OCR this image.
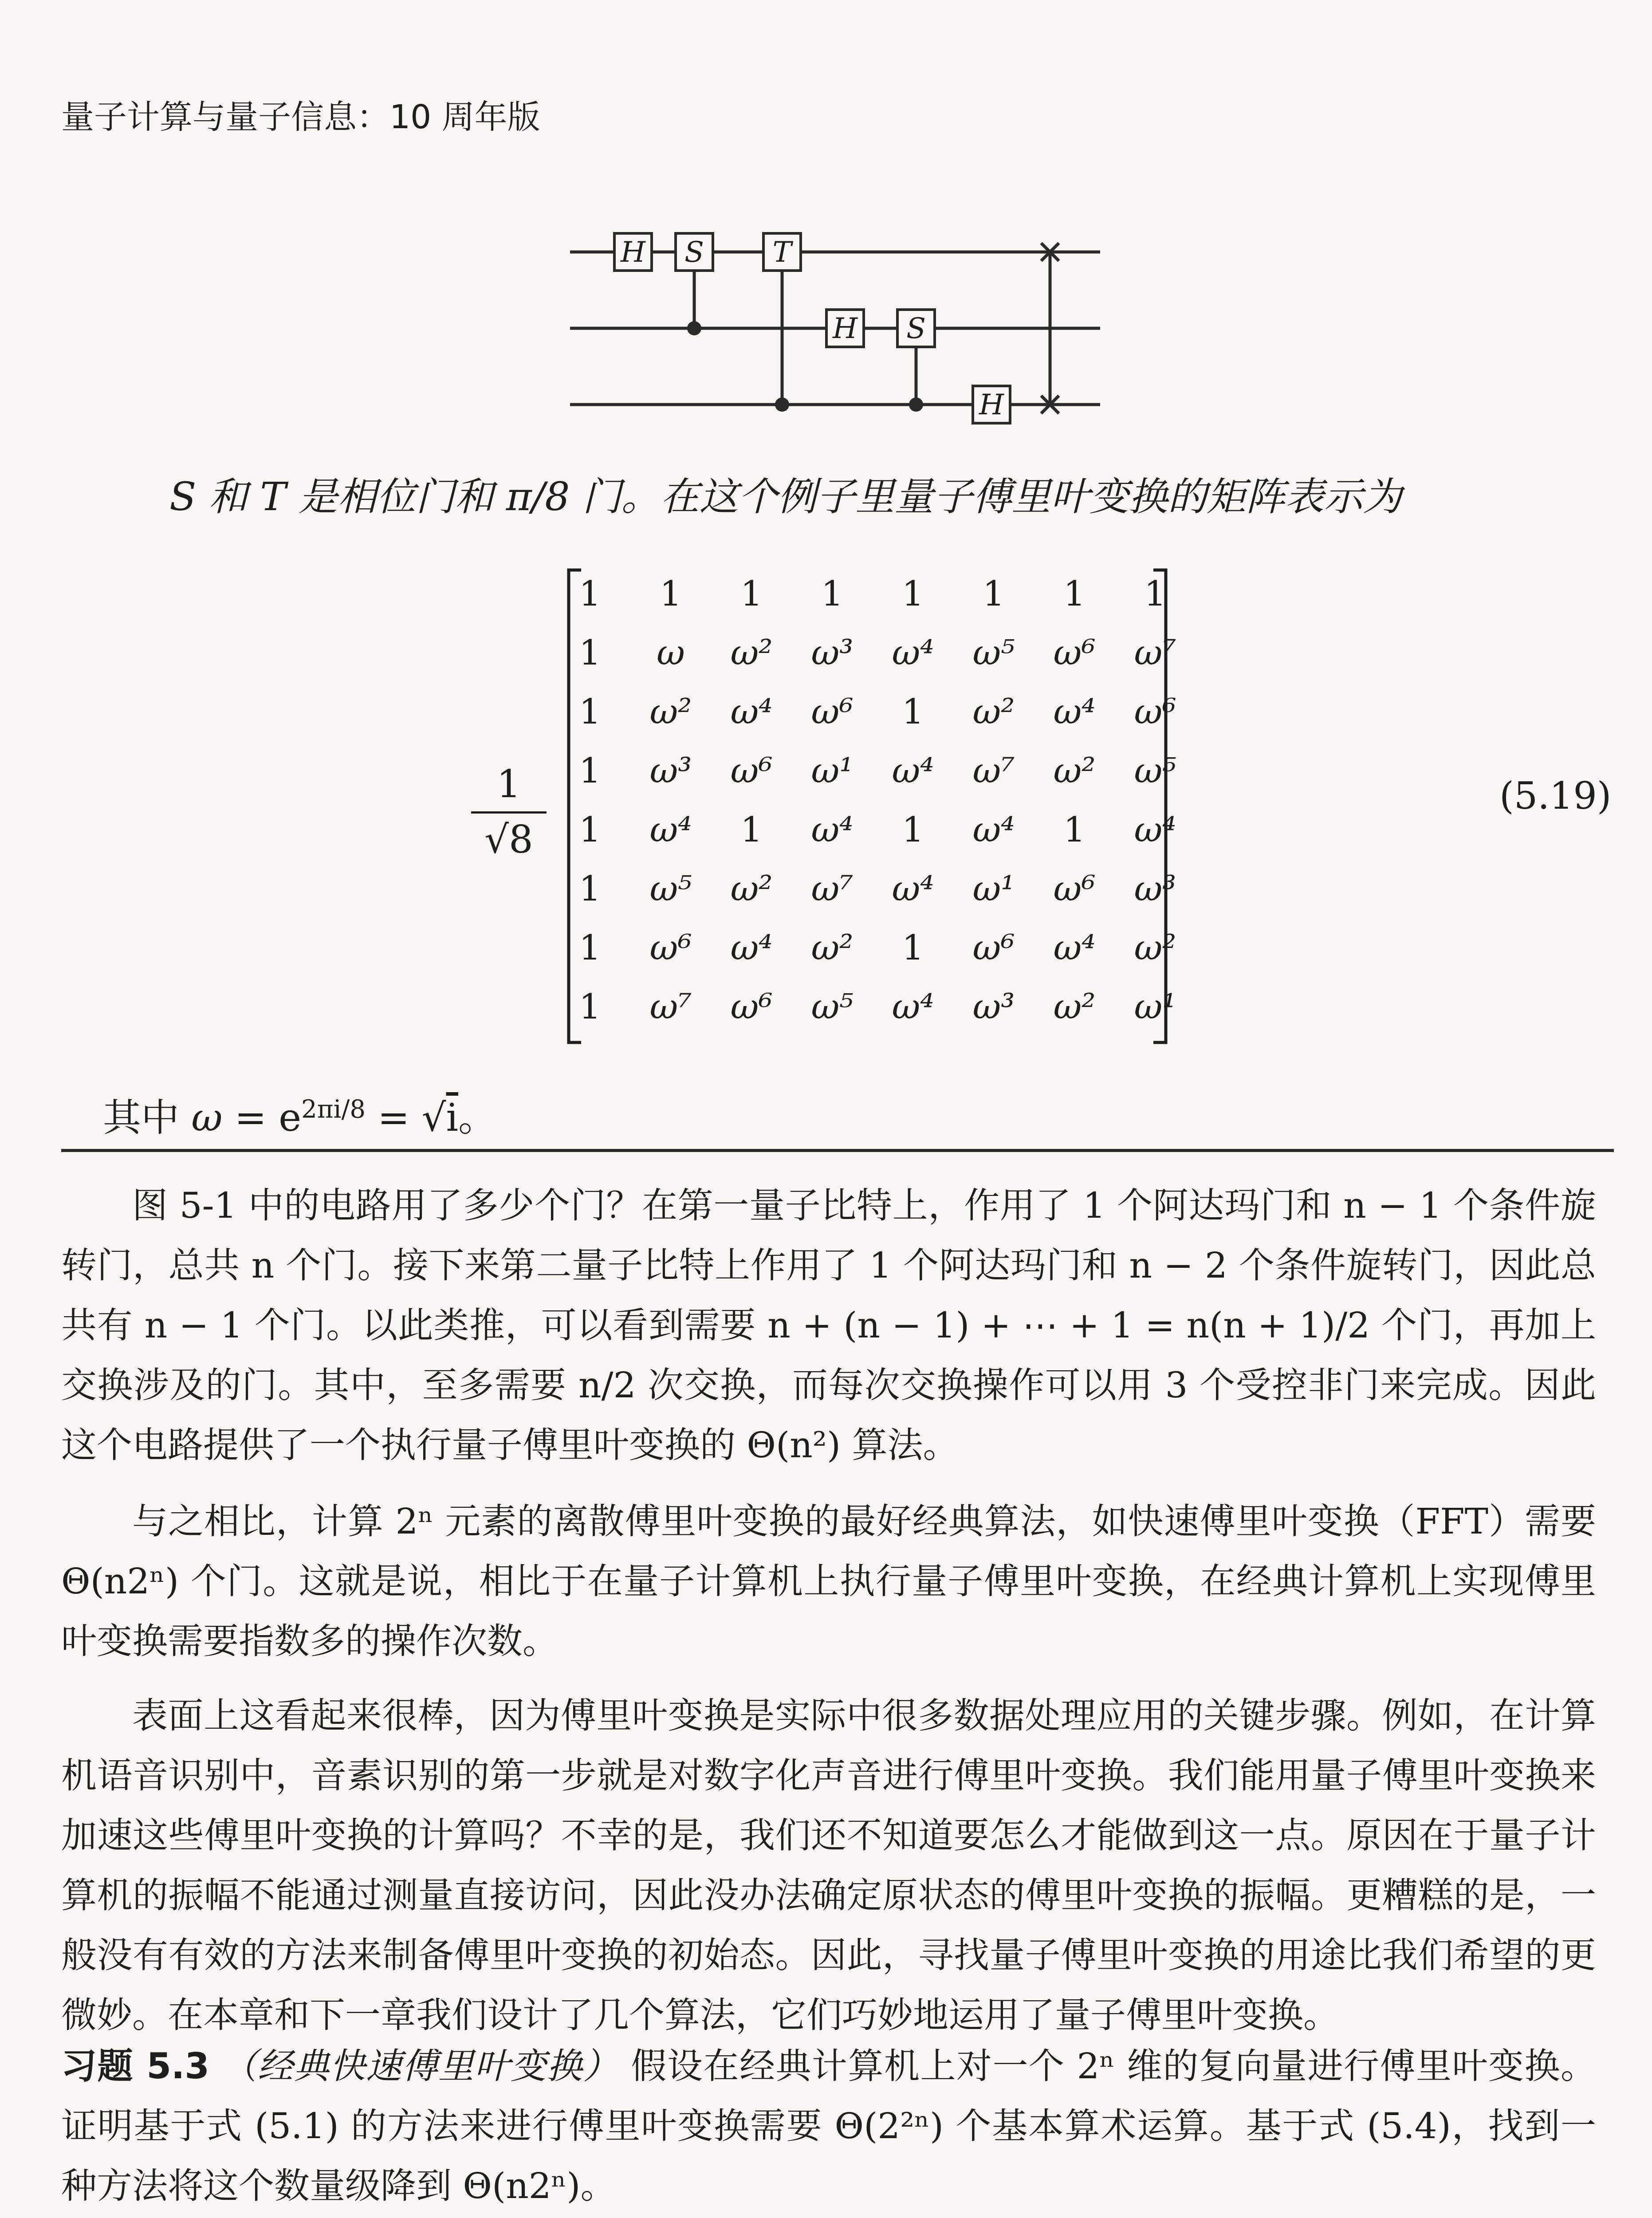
量子计算与量子信息：10 周年版
H S T
H S
H
S 和 T 是相位门和 π/8 门。在这个例子里量子傅里叶变换的矩阵表示为
1
√8
1	1	1	1	1	1	1	1
1	ω	ω²	ω³	ω⁴	ω⁵	ω⁶	ω⁷
1	ω²	ω⁴	ω⁶	1	ω²	ω⁴	ω⁶
1	ω³	ω⁶	ω¹	ω⁴	ω⁷	ω²	ω⁵
1	ω⁴	1	ω⁴	1	ω⁴	1	ω⁴
1	ω⁵	ω²	ω⁷	ω⁴	ω¹	ω⁶	ω³
1	ω⁶	ω⁴	ω²	1	ω⁶	ω⁴	ω²
1	ω⁷	ω⁶	ω⁵	ω⁴	ω³	ω²	ω¹
(5.19)
其中 $\omega = e^{2\pi i/8} = √i$。
图 5-1 中的电路用了多少个门？在第一量子比特上，作用了 1 个阿达玛门和 n − 1 个条件旋转门，总共 n 个门。接下来第二量子比特上作用了 1 个阿达玛门和 n − 2 个条件旋转门，因此总共有 n − 1 个门。以此类推，可以看到需要 n + (n − 1) + ⋯ + 1 = n(n + 1)/2 个门，再加上交换涉及的门。其中，至多需要 n/2 次交换，而每次交换操作可以用 3 个受控非门来完成。因此这个电路提供了一个执行量子傅里叶变换的 Θ(n²) 算法。
与之相比，计算 2ⁿ 元素的离散傅里叶变换的最好经典算法，如快速傅里叶变换（FFT）需要 Θ(n2ⁿ) 个门。这就是说，相比于在量子计算机上执行量子傅里叶变换，在经典计算机上实现傅里叶变换需要指数多的操作次数。
表面上这看起来很棒，因为傅里叶变换是实际中很多数据处理应用的关键步骤。例如，在计算机语音识别中，音素识别的第一步就是对数字化声音进行傅里叶变换。我们能用量子傅里叶变换来加速这些傅里叶变换的计算吗？不幸的是，我们还不知道要怎么才能做到这一点。原因在于量子计算机的振幅不能通过测量直接访问，因此没办法确定原状态的傅里叶变换的振幅。更糟糕的是，一般没有有效的方法来制备傅里叶变换的初始态。因此，寻找量子傅里叶变换的用途比我们希望的更微妙。在本章和下一章我们设计了几个算法，它们巧妙地运用了量子傅里叶变换。
习题 5.3 （经典快速傅里叶变换） 假设在经典计算机上对一个 2ⁿ 维的复向量进行傅里叶变换。证明基于式 (5.1) 的方法来进行傅里叶变换需要 Θ(2²ⁿ) 个基本算术运算。基于式 (5.4)，找到一种方法将这个数量级降到 Θ(n2ⁿ)。
